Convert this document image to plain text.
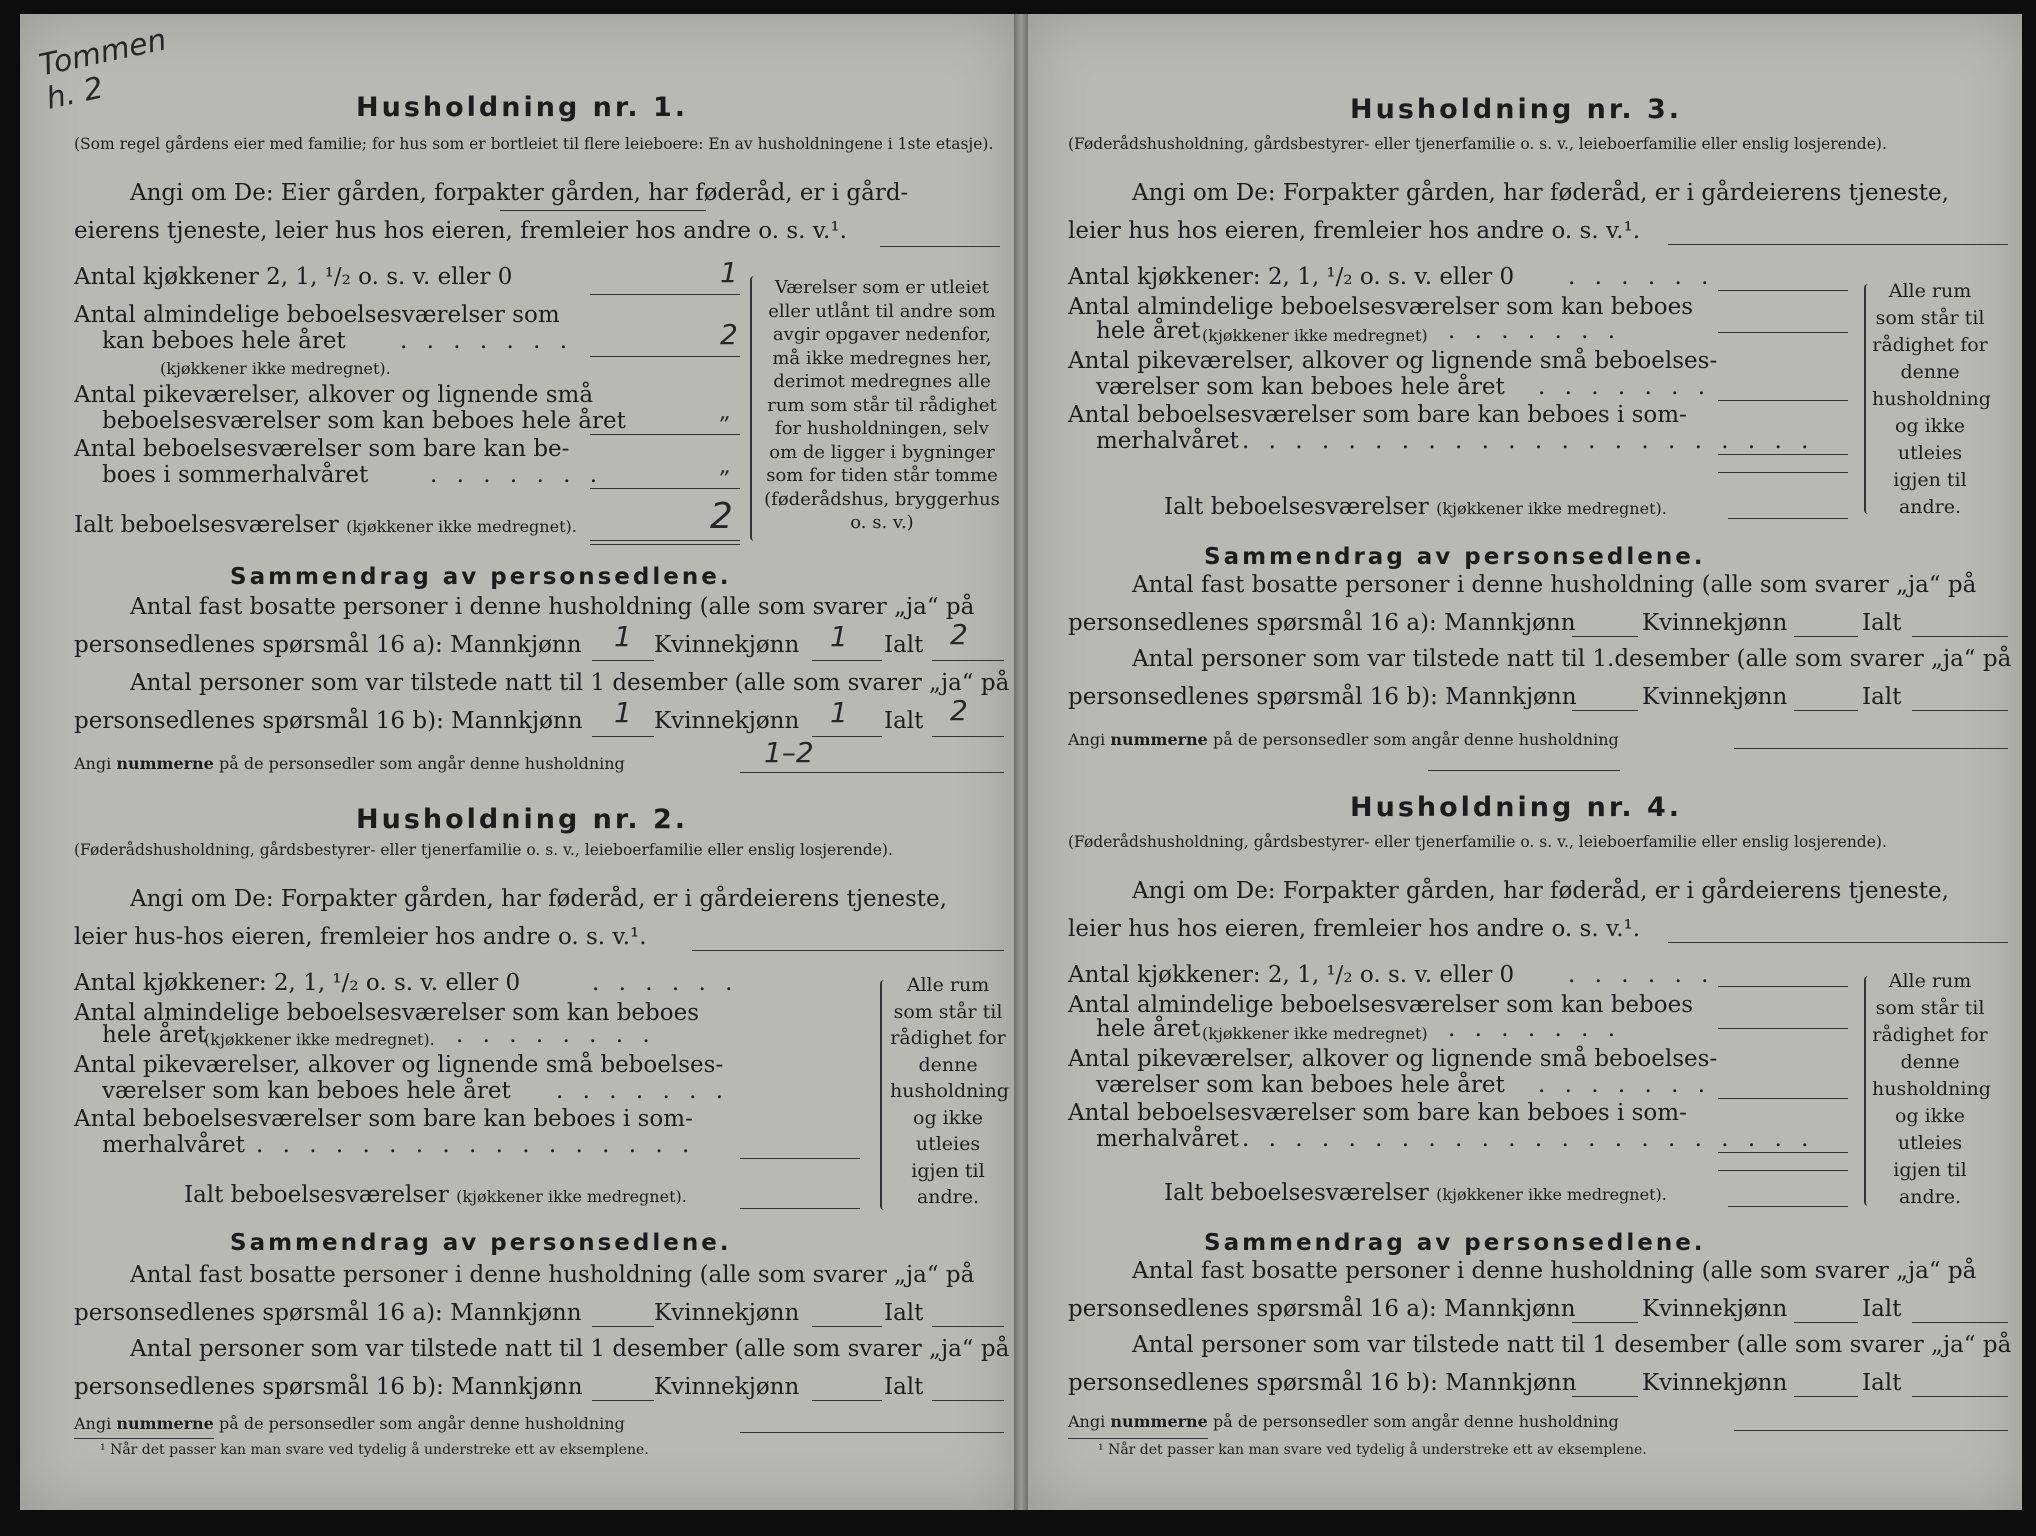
Tommen
h. 2	Husholdning nr. 1.
(Som regel gårdens eier med familie; for hus som er bortleiet til flere leieboere: En av husholdningene i 1ste etasje).
Angi om De: Eier gården, forpakter gården, har føderåd, er i gård-
eierens tjeneste, leier hus hos eieren, fremleier hos andre o. s. v.¹.
Antal kjøkkener 2, 1, ¹/₂ o. s. v. eller 0	1
Antal almindelige beboelsesværelser som
kan beboes hele året . . . . . . .	2
(kjøkkener ikke medregnet).
Antal pikeværelser, alkover og lignende små
beboelsesværelser som kan beboes hele året	„
Antal beboelsesværelser som bare kan be-
boes i sommerhalvåret	. . . . . . .	„
Ialt beboelsesværelser (kjøkkener ikke medregnet).	2
Værelser som er utleiet eller utlånt til andre som avgir opgaver nedenfor, må ikke medregnes her, derimot medregnes alle rum som står til rådighet for husholdningen, selv om de ligger i bygninger som for tiden står tomme (føderådshus, bryggerhus o. s. v.)
Sammendrag av personsedlene.
Antal fast bosatte personer i denne husholdning (alle som svarer „ja“ på
personsedlenes spørsmål 16 a): Mannkjønn 1 Kvinnekjønn 1 Ialt 2
Antal personer som var tilstede natt til 1 desember (alle som svarer „ja“ på
personsedlenes spørsmål 16 b): Mannkjønn 1 Kvinnekjønn 1 Ialt 2
Angi nummerne på de personsedler som angår denne husholdning	1–2
Husholdning nr. 2.
(Føderådshusholdning, gårdsbestyrer- eller tjenerfamilie o. s. v., leieboerfamilie eller enslig losjerende).
Angi om De: Forpakter gården, har føderåd, er i gårdeierens tjeneste,
leier hus-hos eieren, fremleier hos andre o. s. v.¹.
Antal kjøkkener: 2, 1, ¹/₂ o. s. v. eller 0	. . . . . .
Antal almindelige beboelsesværelser som kan beboes
hele året
(kjøkkener ikke medregnet). . . . . . . . .
Antal pikeværelser, alkover og lignende små beboelses-
værelser som kan beboes hele året . . . . . . .
Antal beboelsesværelser som bare kan beboes i som-
merhalvåret . . . . . . . . . . . . . . . . .
Ialt beboelsesværelser (kjøkkener ikke medregnet).
Alle rum som står til rådighet for denne husholdning og ikke utleies igjen til andre.
Sammendrag av personsedlene.
Antal fast bosatte personer i denne husholdning (alle som svarer „ja“ på
personsedlenes spørsmål 16 a): Mannkjønn	Kvinnekjønn	Ialt
Antal personer som var tilstede natt til 1 desember (alle som svarer „ja“ på
personsedlenes spørsmål 16 b): Mannkjønn	Kvinnekjønn	Ialt
Angi nummerne på de personsedler som angår denne husholdning
¹ Når det passer kan man svare ved tydelig å understreke ett av eksemplene.
Husholdning nr. 3.
(Føderådshusholdning, gårdsbestyrer- eller tjenerfamilie o. s. v., leieboerfamilie eller enslig losjerende).
Angi om De: Forpakter gården, har føderåd, er i gårdeierens tjeneste,
leier hus hos eieren, fremleier hos andre o. s. v.¹.
Antal kjøkkener: 2, 1, ¹/₂ o. s. v. eller 0 . . . . . .
Antal almindelige beboelsesværelser som kan beboes
hele året (kjøkkener ikke medregnet) . . . . . . .
Antal pikeværelser, alkover og lignende små beboelses-
værelser som kan beboes hele året . . . . . . .
Antal beboelsesværelser som bare kan beboes i som-
merhalvåret . . . . . . . . . . . . . . . . . . . . . .
Ialt beboelsesværelser (kjøkkener ikke medregnet).
Alle rum som står til rådighet for denne husholdning og ikke utleies igjen til andre.
Sammendrag av personsedlene.
Antal fast bosatte personer i denne husholdning (alle som svarer „ja“ på
personsedlenes spørsmål 16 a): Mannkjønn	Kvinnekjønn	Ialt
Antal personer som var tilstede natt til 1.desember (alle som svarer „ja“ på
personsedlenes spørsmål 16 b): Mannkjønn	Kvinnekjønn	Ialt
Angi nummerne på de personsedler som angår denne husholdning
Husholdning nr. 4.
(Føderådshusholdning, gårdsbestyrer- eller tjenerfamilie o. s. v., leieboerfamilie eller enslig losjerende).
Angi om De: Forpakter gården, har føderåd, er i gårdeierens tjeneste,
leier hus hos eieren, fremleier hos andre o. s. v.¹.
Antal kjøkkener: 2, 1, ¹/₂ o. s. v. eller 0 . . . . . .
Antal almindelige beboelsesværelser som kan beboes
hele året (kjøkkener ikke medregnet) . . . . . . .
Antal pikeværelser, alkover og lignende små beboelses-
værelser som kan beboes hele året . . . . . . .
Antal beboelsesværelser som bare kan beboes i som-
merhalvåret . . . . . . . . . . . . . . . . . . . . . .
Ialt beboelsesværelser (kjøkkener ikke medregnet).
Alle rum som står til rådighet for denne husholdning og ikke utleies igjen til andre.
Sammendrag av personsedlene.
Antal fast bosatte personer i denne husholdning (alle som svarer „ja“ på
personsedlenes spørsmål 16 a): Mannkjønn	Kvinnekjønn	Ialt
Antal personer som var tilstede natt til 1 desember (alle som svarer „ja“ på
personsedlenes spørsmål 16 b): Mannkjønn	Kvinnekjønn	Ialt
Angi nummerne på de personsedler som angår denne husholdning
¹ Når det passer kan man svare ved tydelig å understreke ett av eksemplene.
